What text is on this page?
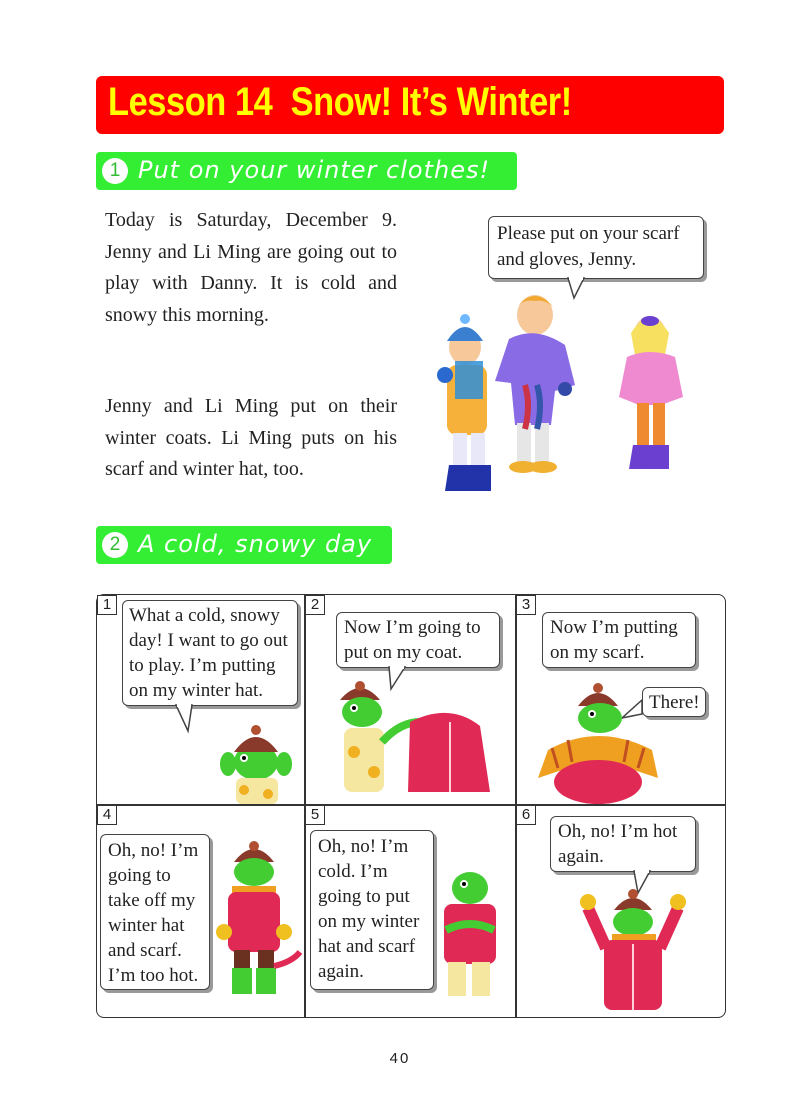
Lesson 14  Snow! It’s Winter!
1 Put on your winter clothes!
Today is Saturday, December 9. Jenny and Li Ming are going out to play with Danny. It is cold and snowy this morning.
Jenny and Li Ming put on their winter coats. Li Ming puts on his scarf and winter hat, too.
Please put on your scarf and gloves, Jenny.
2 A cold, snowy day
1	2	3
4	5	6
What a cold, snowy day! I want to go out to play. I’m putting on my winter hat.
Now I’m going to put on my coat.
Now I’m putting on my scarf.
There!
Oh, no! I’m going to take off my winter hat and scarf. I’m too hot.
Oh, no! I’m cold. I’m going to put on my winter hat and scarf again.
Oh, no! I’m hot again.
40
